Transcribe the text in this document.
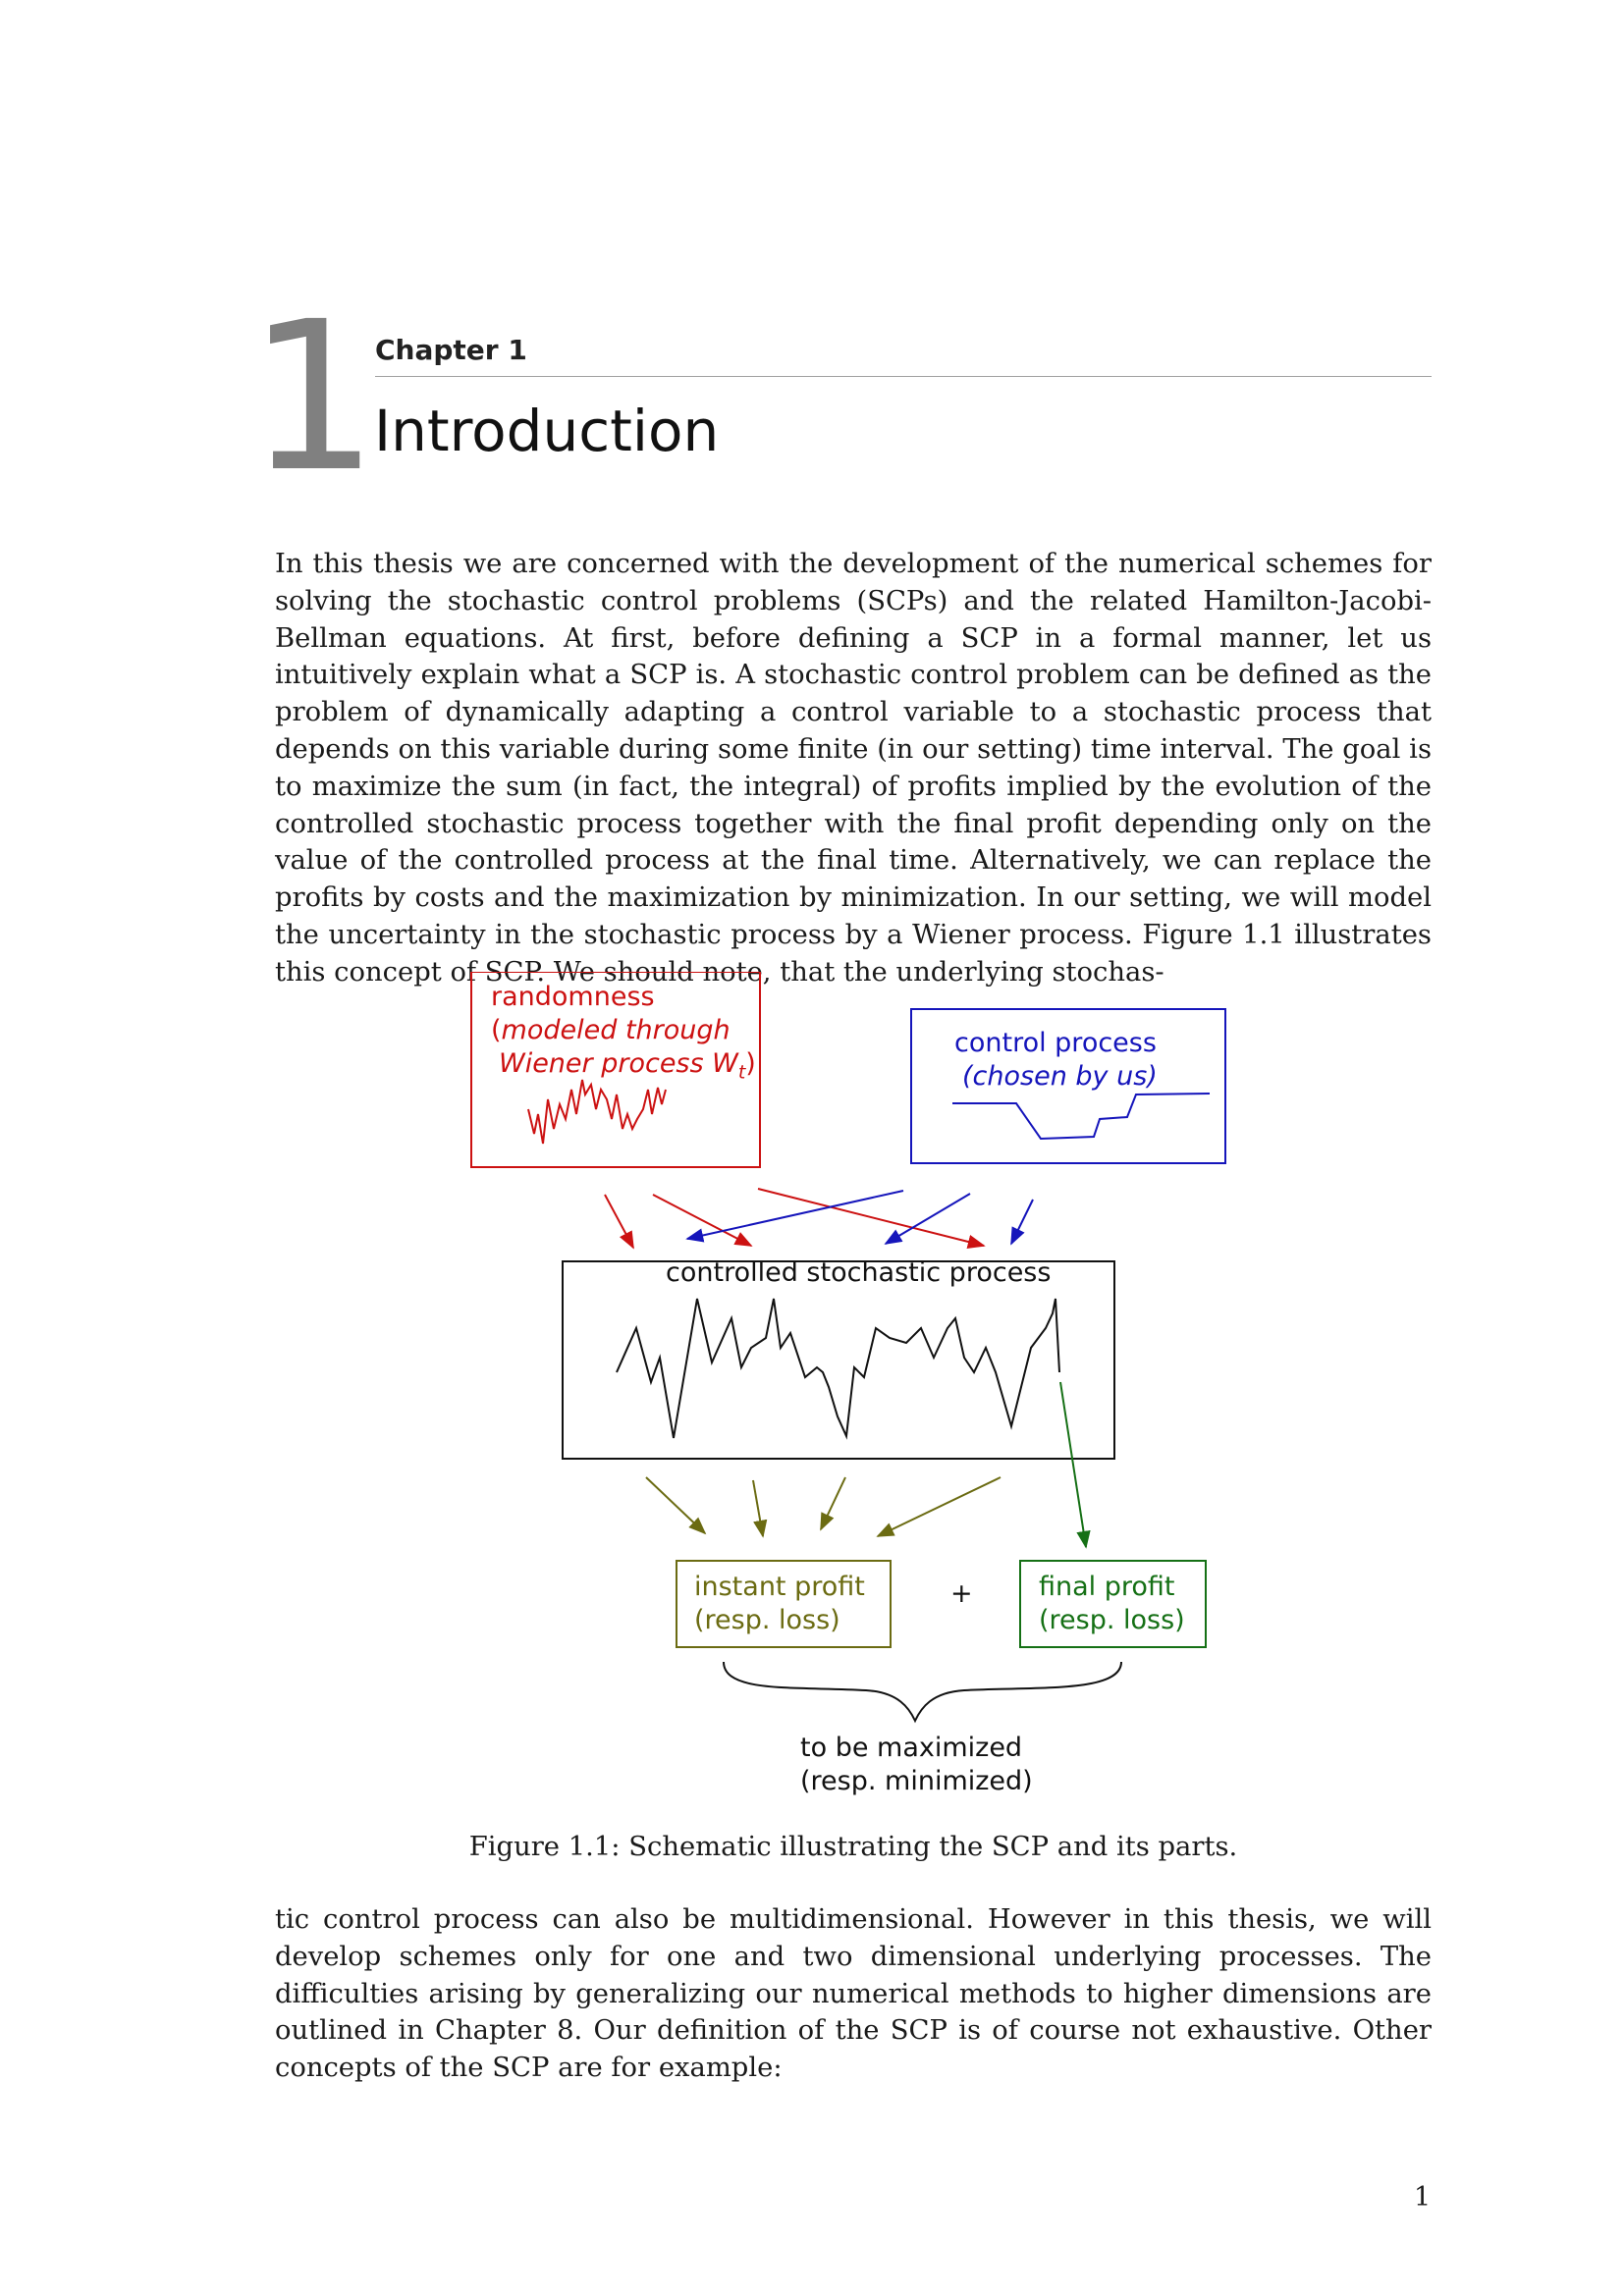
1
Chapter 1
Introduction

In this thesis we are concerned with the development of the numerical schemes for solving the stochastic control problems (SCPs) and the related Hamilton-Jacobi-Bellman equations. At first, before defining a SCP in a formal manner, let us intuitively explain what a SCP is. A stochastic control problem can be defined as the problem of dynamically adapting a control variable to a stochastic process that depends on this variable during some finite (in our setting) time interval. The goal is to maximize the sum (in fact, the integral) of profits implied by the evolution of the controlled stochastic process together with the final profit depending only on the value of the controlled process at the final time. Alternatively, we can replace the profits by costs and the maximization by minimization. In our setting, we will model the uncertainty in the stochastic process by a Wiener process. Figure 1.1 illustrates this concept of SCP. We should note, that the underlying stochas-

randomness
(modeled through
Wiener process $W_t$)
control process
(chosen by us)
controlled stochastic process
instant profit
(resp. loss)
+ final profit
(resp. loss)
to be maximized
(resp. minimized)

Figure 1.1: Schematic illustrating the SCP and its parts.

tic control process can also be multidimensional. However in this thesis, we will develop schemes only for one and two dimensional underlying processes. The difficulties arising by generalizing our numerical methods to higher dimensions are outlined in Chapter 8. Our definition of the SCP is of course not exhaustive. Other concepts of the SCP are for example:

1
